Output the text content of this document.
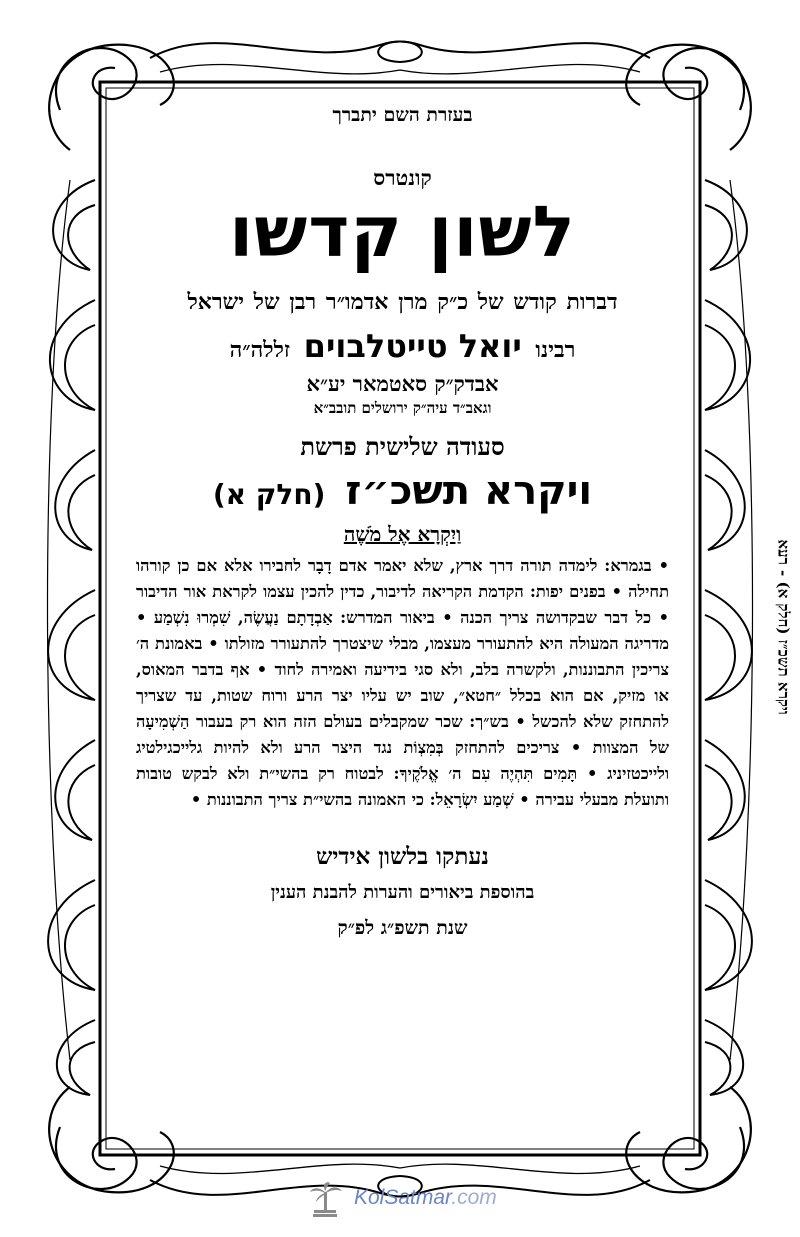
בעזרת השם יתברך
קונטרס
לשון קדשו
דברות קודש של כ״ק מרן אדמו״ר רבן של ישראל
רבינו יואל טייטלבוים זללה״ה
אבדק״ק סאטמאר יע״א
וגאב״ד עיה״ק ירושלים תובב״א
סעודה שלישית פרשת
ויקרא תשכ״ז (חלק א)
וַיִקְרָא אֶל מֹשֶׁה
• בגמרא: לימדה תורה דרך ארץ, שלא יאמר אדם דָבָר לחבירו אלא אם כן קורהו תחילה • בפנים יפות: הקדמת הקריאה לדיבור, כדין להכין עצמו לקראת אור הדיבור • כל דבר שבקדושה צריך הכנה • ביאור המדרש: אַבְדָתָם נַעֲשֶׂה, שִׁמְרוּ נִשְׁמַע • מדריגה המעולה היא להתעורר מעצמו, מבלי שיצטרך להתעורר מזולתו • באמונת ה׳ צריכין התבוננות, ולקשרה בלב, ולא סגי בידיעה ואמירה לחוד • אף בדבר המאוס, או מזיק, אם הוא בכלל ״חטא״, שוב יש עליו יצר הרע ורוח שטות, עד שצריך להתחזק שלא להכשל • בש״ך: שכר שמקבלים בעולם הזה הוא רק בעבור הַשְׁמִיעָה של המצוות • צריכים להתחזק בְּמִצְוֹת נגד היצר הרע ולא להיות גלייכגילטיג ולייכטזיניג • תָּמִים תִּהְיֶה עִם ה׳ אֱלֹקֶיךָ: לבטוח רק בהשי״ת ולא לבקש טובות ותועלת מבעלי עבירה • שְׁמַע יִשְׂרָאֵל: כי האמונה בהשי״ת צריך התבוננות •
נעתקו בלשון אידיש
בהוספת ביאורים והערות להבנת הענין
שנת תשפ״ג לפ״ק
ויקרא תשכ״ז (חלק א) - רעא
KolSatmar.com
